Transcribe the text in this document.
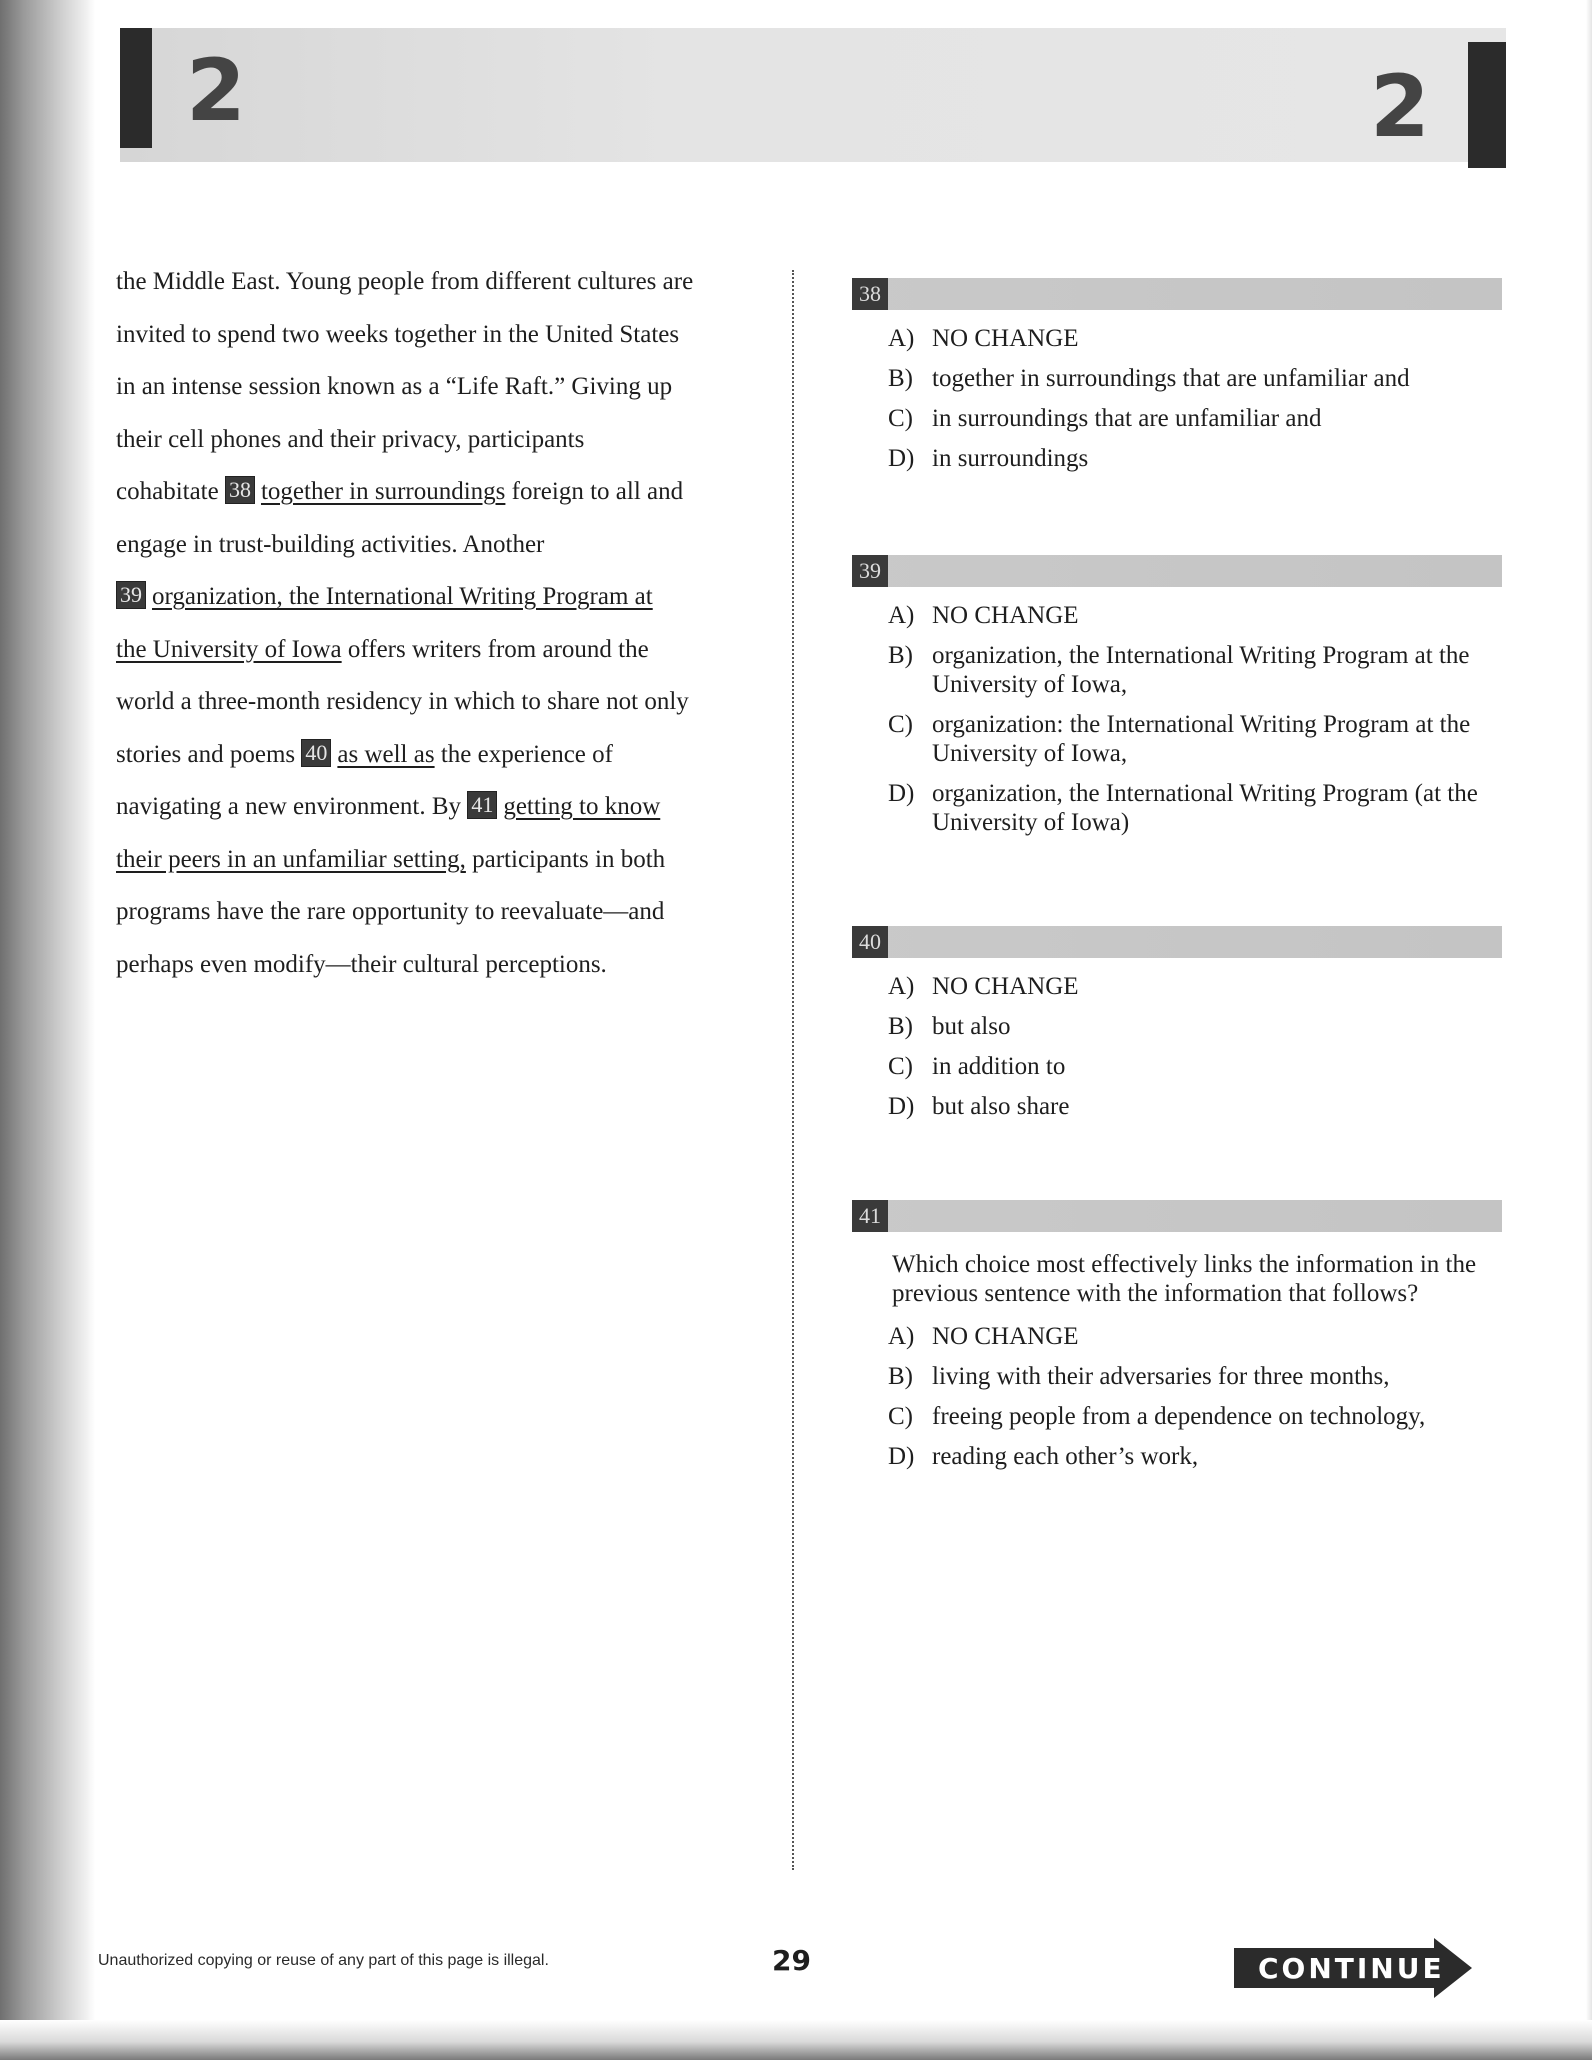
2	2

the Middle East. Young people from different cultures are

invited to spend two weeks together in the United States

in an intense session known as a “Life Raft.” Giving up

their cell phones and their privacy, participants

cohabitate 38 together in surroundings foreign to all and

engage in trust-building activities. Another

39 organization, the International Writing Program at

the University of Iowa offers writers from around the

world a three-month residency in which to share not only

stories and poems 40 as well as the experience of

navigating a new environment. By 41 getting to know

their peers in an unfamiliar setting, participants in both

programs have the rare opportunity to reevaluate—and

perhaps even modify—their cultural perceptions.

38
A) NO CHANGE
B) together in surroundings that are unfamiliar and
C) in surroundings that are unfamiliar and
D) in surroundings
39
A) NO CHANGE
B) organization, the International Writing Program at the University of Iowa,
C) organization: the International Writing Program at the University of Iowa,
D) organization, the International Writing Program (at the University of Iowa)
40
A) NO CHANGE
B) but also
C) in addition to
D) but also share
41
Which choice most effectively links the information in the previous sentence with the information that follows?
A) NO CHANGE
B) living with their adversaries for three months,
C) freeing people from a dependence on technology,
D) reading each other’s work,
Unauthorized copying or reuse of any part of this page is illegal.	29	CONTINUE
